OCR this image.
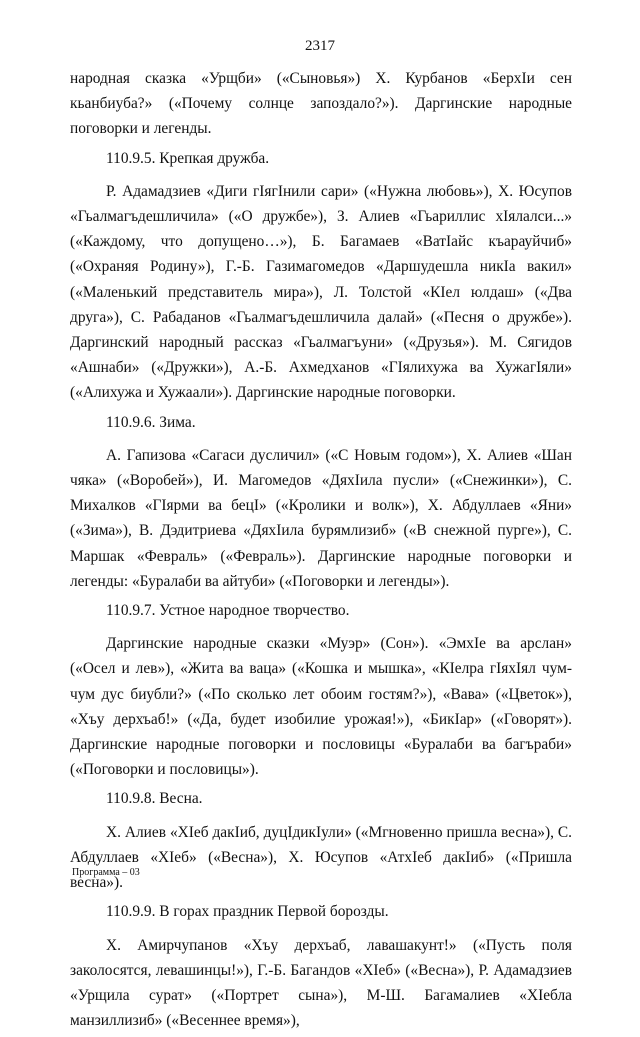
2317

народная сказка «Урщби» («Сыновья») Х. Курбанов «БерхIи сен кьанбиуба?» («Почему солнце запоздало?»). Даргинские народные поговорки и легенды.

110.9.5. Крепкая дружба.

Р. Адамадзиев «Диги гIягIнили сари» («Нужна любовь»), Х. Юсупов «Гьалмагъдешличила» («О дружбе»), З. Алиев «Гьариллис хIялалси...» («Каждому, что допущено…»), Б. Багамаев «ВатIайс къарауйчиб» («Охраняя Родину»), Г.-Б. Газимагомедов «Даршудешла никIа вакил» («Маленький представитель мира»), Л. Толстой «КIел юлдаш» («Два друга»), С. Рабаданов «Гьалмагъдешличила далай» («Песня о дружбе»). Даргинский народный рассказ «Гьалмагъуни» («Друзья»). М. Сягидов «Ашнаби» («Дружки»), А.-Б. Ахмедханов «ГIялихужа ва ХужагIяли» («Алихужа и Хужаали»). Даргинские народные поговорки.

110.9.6. Зима.

А. Гапизова «Сагаси дусличил» («С Новым годом»), Х. Алиев «Шан чяка» («Воробей»), И. Магомедов «ДяхIила пусли» («Снежинки»), С. Михалков «ГIярми ва бецI» («Кролики и волк»), Х. Абдуллаев «Яни» («Зима»), В. Дэдитриева «ДяхIила бурямлизиб» («В снежной пурге»), С. Маршак «Февраль» («Февраль»). Даргинские народные поговорки и легенды: «Буралаби ва айтуби» («Поговорки и легенды»).

110.9.7. Устное народное творчество.

Даргинские народные сказки «Муэр» (Сон»). «ЭмхIе ва арслан» («Осел и лев»), «Жита ва ваца» («Кошка и мышка», «КIелра гIяхIял чум-чум дус биубли?» («По сколько лет обоим гостям?»), «Вава» («Цветок»), «Хъу дерхъаб!» («Да, будет изобилие урожая!»), «БикIар» («Говорят»). Даргинские народные поговорки и пословицы «Буралаби ва багъраби» («Поговорки и пословицы»).

110.9.8. Весна.

Х. Алиев «ХIеб дакIиб, дуцIдикIули» («Мгновенно пришла весна»), С. Абдуллаев «ХIеб» («Весна»), Х. Юсупов «АтхIеб дакIиб» («Пришла весна»).

110.9.9. В горах праздник Первой борозды.

Х. Амирчупанов «Хъу дерхъаб, лавашакунт!» («Пусть поля заколосятся, левашинцы!»), Г.-Б. Багандов «ХIеб» («Весна»), Р. Адамадзиев «Урщила сурат» («Портрет сына»), М-Ш. Багамалиев «ХIебла манзиллизиб» («Весеннее время»),

Программа – 03
